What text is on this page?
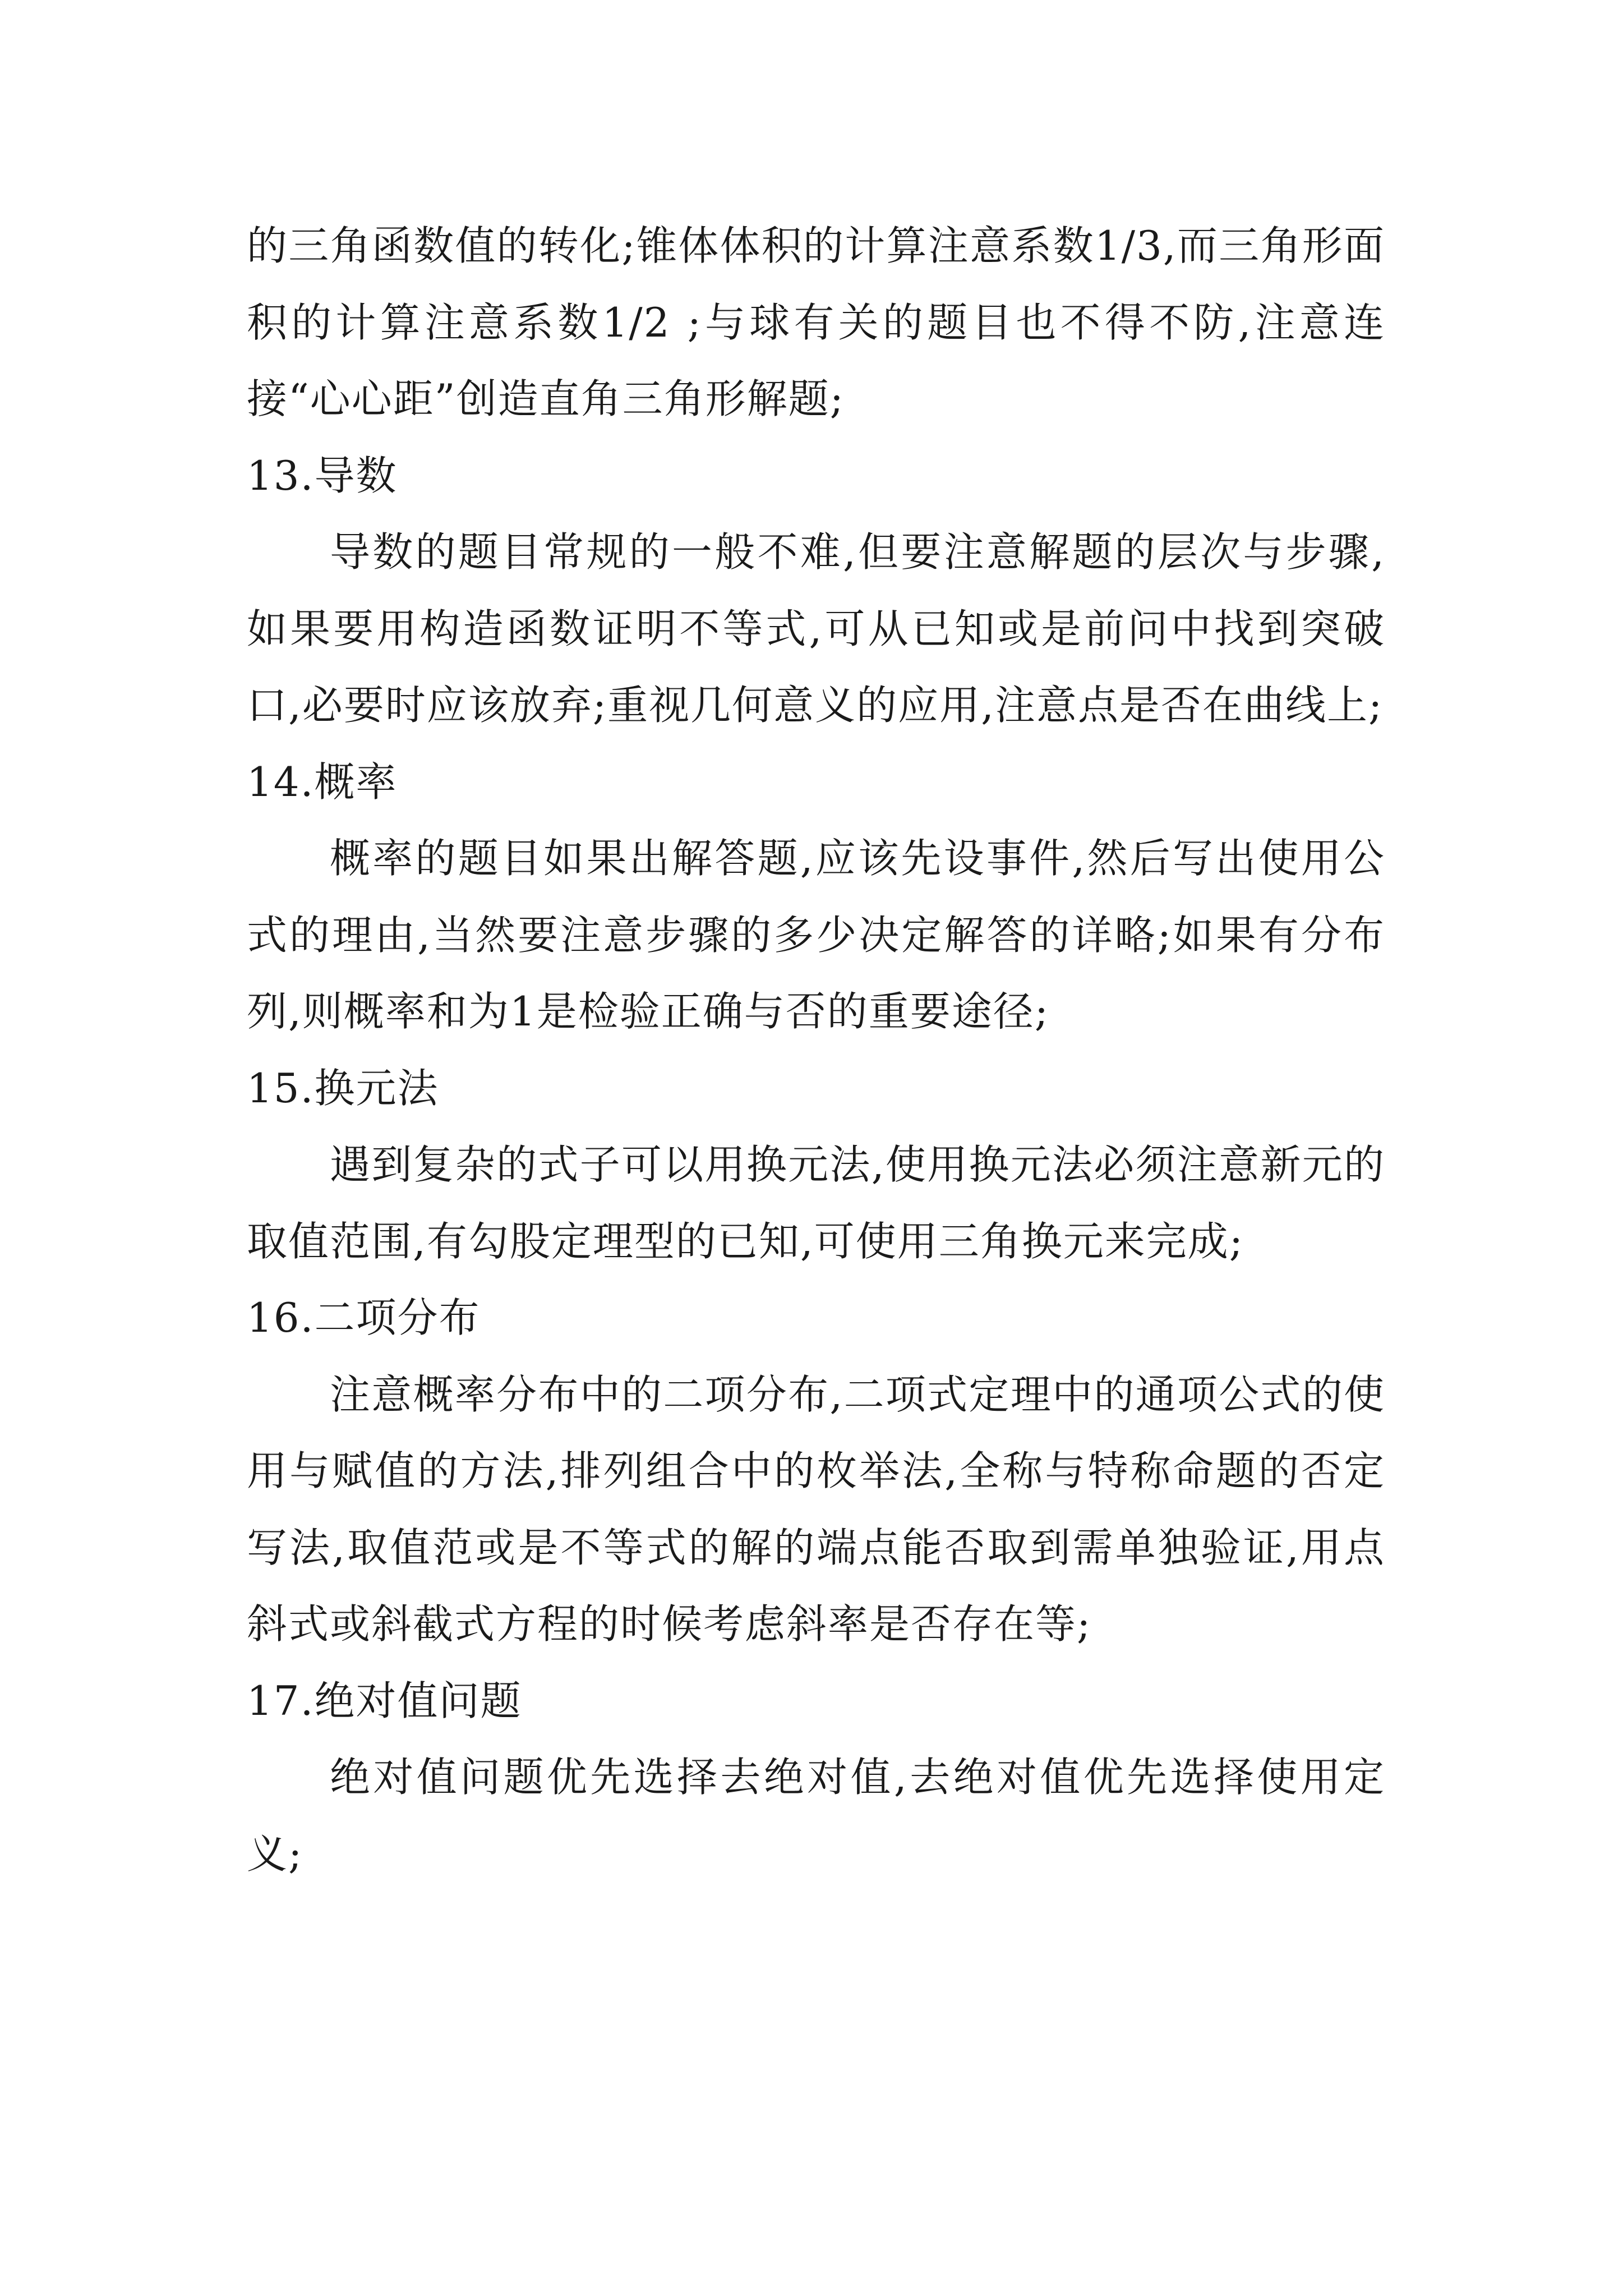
的三角函数值的转化;锥体体积的计算注意系数1/3,而三角形面积的计算注意系数1/2 ;与球有关的题目也不得不防,注意连接“心心距”创造直角三角形解题;

13.导数

导数的题目常规的一般不难,但要注意解题的层次与步骤,如果要用构造函数证明不等式,可从已知或是前问中找到突破口,必要时应该放弃;重视几何意义的应用,注意点是否在曲线上;

14.概率

概率的题目如果出解答题,应该先设事件,然后写出使用公式的理由,当然要注意步骤的多少决定解答的详略;如果有分布列,则概率和为1是检验正确与否的重要途径;

15.换元法

遇到复杂的式子可以用换元法,使用换元法必须注意新元的取值范围,有勾股定理型的已知,可使用三角换元来完成;

16.二项分布

注意概率分布中的二项分布,二项式定理中的通项公式的使用与赋值的方法,排列组合中的枚举法,全称与特称命题的否定写法,取值范或是不等式的解的端点能否取到需单独验证,用点斜式或斜截式方程的时候考虑斜率是否存在等;

17.绝对值问题

绝对值问题优先选择去绝对值,去绝对值优先选择使用定义;
